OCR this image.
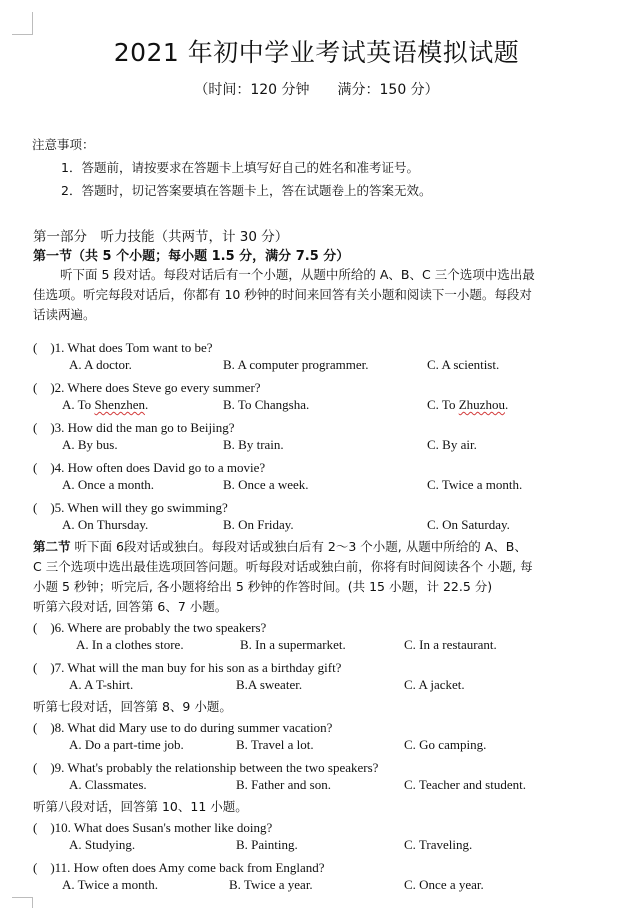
2021 年初中学业考试英语模拟试题
（时间：120 分钟　　满分：150 分）
注意事项：
1．答题前，请按要求在答题卡上填写好自己的姓名和准考证号。
2．答题时，切记答案要填在答题卡上，答在试题卷上的答案无效。
第一部分　听力技能（共两节，计 30 分）
第一节（共 5 个小题；每小题 1.5 分，满分 7.5 分）
听下面 5 段对话。每段对话后有一个小题，从题中所给的 A、B、C 三个选项中选出最
佳选项。听完每段对话后，你都有 10 秒钟的时间来回答有关小题和阅读下一小题。每段对
话读两遍。
(　)1. What does Tom want to be?
A. A doctor.	B. A computer programmer.	C. A scientist.
(　)2. Where does Steve go every summer?
A. To Shenzhen.	B. To Changsha.	C. To Zhuzhou.
(　)3. How did the man go to Beijing?
A. By bus.	B. By train.	C. By air.
(　)4. How often does David go to a movie?
A. Once a month.	B. Once a week.	C. Twice a month.
(　)5. When will they go swimming?
A. On Thursday.	B. On Friday.	C. On Saturday.
第二节 听下面 6段对话或独白。每段对话或独白后有 2～3 个小题, 从题中所给的 A、B、
C 三个选项中选出最佳选项回答问题。听每段对话或独白前，你将有时间阅读各个 小题, 每
小题 5 秒钟；听完后, 各小题将给出 5 秒钟的作答时间。(共 15 小题，计 22.5 分)
听第六段对话, 回答第 6、7 小题。
(　)6. Where are probably the two speakers?
A. In a clothes store.	B. In a supermarket.	C. In a restaurant.
(　)7. What will the man buy for his son as a birthday gift?
A. A T-shirt.	B.A sweater.	C. A jacket.
听第七段对话，回答第 8、9 小题。
(　)8. What did Mary use to do during summer vacation?
A. Do a part-time job.	B. Travel a lot.	C. Go camping.
(　)9. What's probably the relationship between the two speakers?
A. Classmates.	B. Father and son.	C. Teacher and student.
听第八段对话，回答第 10、11 小题。
(　)10. What does Susan's mother like doing?
A. Studying.	B. Painting.	C. Traveling.
(　)11. How often does Amy come back from England?
A. Twice a month.	B. Twice a year.	C. Once a year.
